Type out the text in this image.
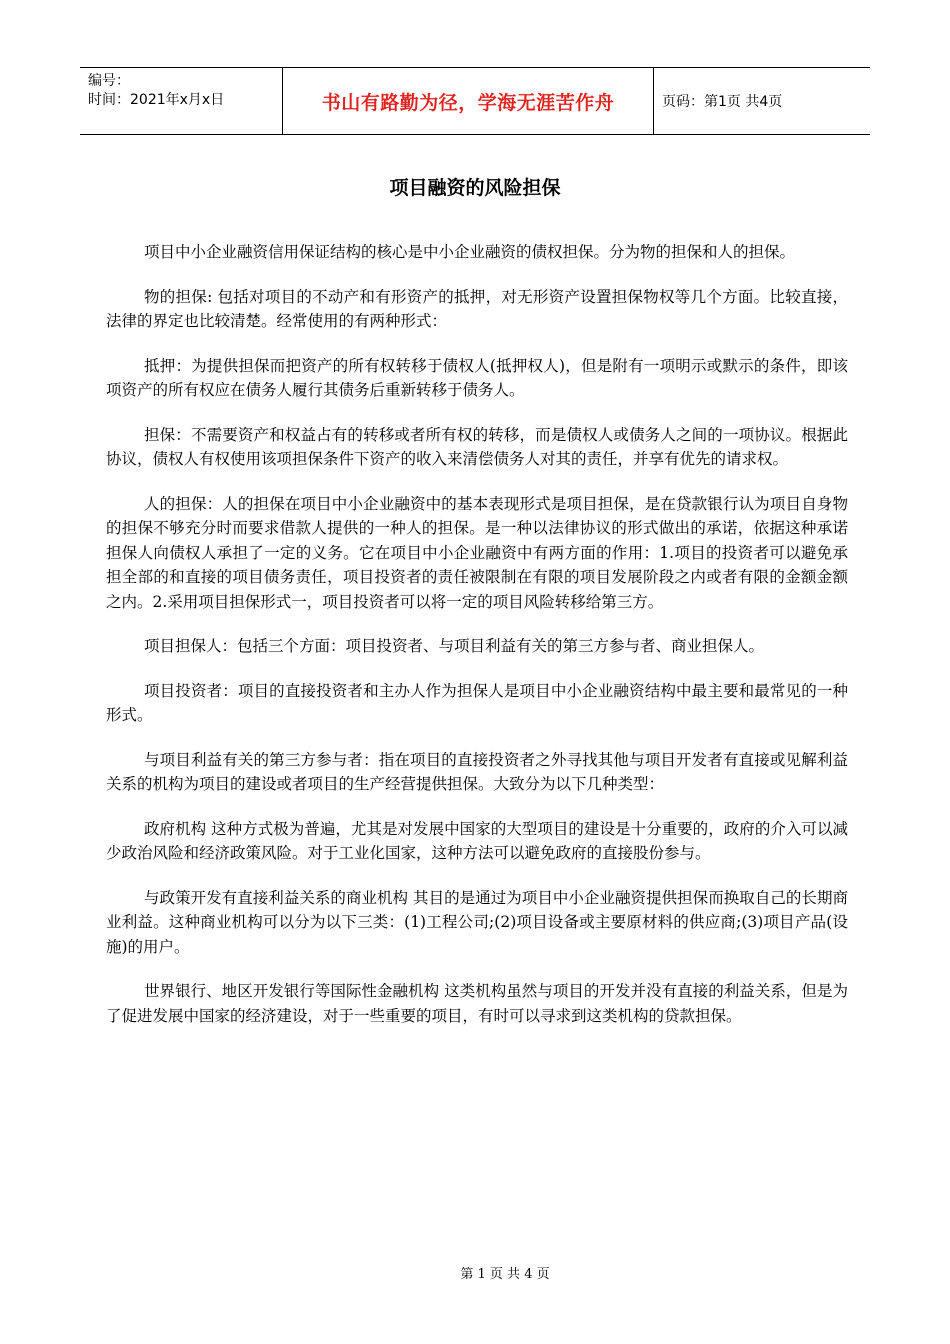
编号：
时间：2021年x月x日	书山有路勤为径，学海无涯苦作舟	页码：第1页 共4页
项目融资的风险担保

项目中小企业融资信用保证结构的核心是中小企业融资的债权担保。分为物的担保和人的担保。

物的担保: 包括对项目的不动产和有形资产的抵押，对无形资产设置担保物权等几个方面。比较直接，法律的界定也比较清楚。经常使用的有两种形式：

抵押：为提供担保而把资产的所有权转移于债权人(抵押权人)，但是附有一项明示或默示的条件，即该项资产的所有权应在债务人履行其债务后重新转移于债务人。

担保：不需要资产和权益占有的转移或者所有权的转移，而是债权人或债务人之间的一项协议。根据此协议，债权人有权使用该项担保条件下资产的收入来清偿债务人对其的责任，并享有优先的请求权。

人的担保：人的担保在项目中小企业融资中的基本表现形式是项目担保，是在贷款银行认为项目自身物的担保不够充分时而要求借款人提供的一种人的担保。是一种以法律协议的形式做出的承诺，依据这种承诺担保人向债权人承担了一定的义务。它在项目中小企业融资中有两方面的作用：1.项目的投资者可以避免承担全部的和直接的项目债务责任，项目投资者的责任被限制在有限的项目发展阶段之内或者有限的金额金额之内。2.采用项目担保形式一，项目投资者可以将一定的项目风险转移给第三方。

项目担保人：包括三个方面：项目投资者、与项目利益有关的第三方参与者、商业担保人。

项目投资者：项目的直接投资者和主办人作为担保人是项目中小企业融资结构中最主要和最常见的一种形式。

与项目利益有关的第三方参与者：指在项目的直接投资者之外寻找其他与项目开发者有直接或见解利益关系的机构为项目的建设或者项目的生产经营提供担保。大致分为以下几种类型：

政府机构 这种方式极为普遍，尤其是对发展中国家的大型项目的建设是十分重要的，政府的介入可以减少政治风险和经济政策风险。对于工业化国家，这种方法可以避免政府的直接股份参与。

与政策开发有直接利益关系的商业机构 其目的是通过为项目中小企业融资提供担保而换取自己的长期商业利益。这种商业机构可以分为以下三类：(1)工程公司;(2)项目设备或主要原材料的供应商;(3)项目产品(设施)的用户。

世界银行、地区开发银行等国际性金融机构 这类机构虽然与项目的开发并没有直接的利益关系，但是为了促进发展中国家的经济建设，对于一些重要的项目，有时可以寻求到这类机构的贷款担保。

第 1 页 共 4 页
